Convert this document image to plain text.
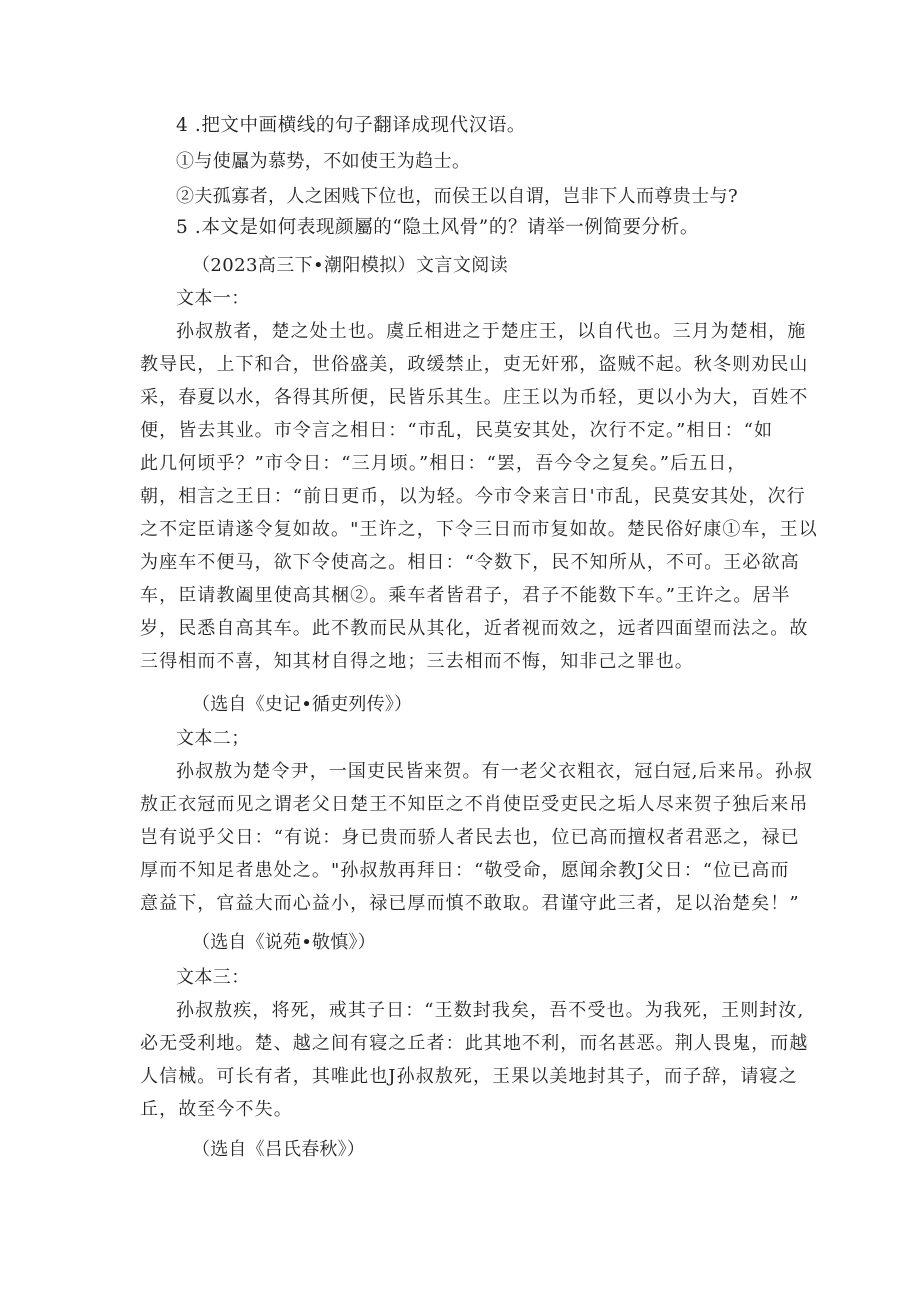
4 .把文中画横线的句子翻译成现代汉语。
①与使屭为慕势，不如使王为趋士。
②夫孤寡者，人之困贱下位也，而侯王以自谓，岂非下人而尊贵士与?
5 .本文是如何表现颜屬的“隐土风骨”的？请举一例简要分析。
（2023高三下•潮阳模拟）文言文阅读
文本一：
孙叔敖者，楚之处土也。虞丘相进之于楚庄王，以自代也。三月为楚相，施
教导民，上下和合，世俗盛美，政缓禁止，吏无奸邪，盗贼不起。秋冬则劝民山
采，春夏以水，各得其所便，民皆乐其生。庄王以为币轻，更以小为大，百姓不
便，皆去其业。市令言之相日：“市乱，民莫安其处，次行不定。”相日：“如
此几何顷乎？”市令日：“三月顷。”相日：“罢，吾今令之复矣。”后五日，
朝，相言之王日：“前日更币，以为轻。今市令来言日'市乱，民莫安其处，次行
之不定臣请遂令复如故。"王许之，下令三日而市复如故。楚民俗好康①车，王以
为座车不便马，欲下令使高之。相日：“令数下，民不知所从，不可。王必欲高
车，臣请教阖里使高其梱②。乘车者皆君子，君子不能数下车。”王许之。居半
岁，民悉自高其车。此不教而民从其化，近者视而效之，远者四面望而法之。故
三得相而不喜，知其材自得之地；三去相而不悔，知非己之罪也。
（选自《史记•循吏列传》）
文本二；
孙叔敖为楚令尹，一国吏民皆来贺。有一老父衣粗衣，冠白冠,后来吊。孙叔
敖正衣冠而见之谓老父日楚王不知臣之不肖使臣受吏民之垢人尽来贺子独后来吊
岂有说乎父日：“有说：身已贵而骄人者民去也，位已高而擅权者君恶之，禄已
厚而不知足者患处之。"孙叔敖再拜日：“敬受命，愿闻余教J父日：“位已高而
意益下，官益大而心益小，禄已厚而慎不敢取。君谨守此三者，足以治楚矣！”
（选自《说苑•敬慎》）
文本三：
孙叔敖疾，将死，戒其子日：“王数封我矣，吾不受也。为我死，王则封汝,
必无受利地。楚、越之间有寝之丘者：此其地不利，而名甚恶。荆人畏鬼，而越
人信械。可长有者，其唯此也J孙叔敖死，王果以美地封其子，而子辞，请寝之
丘，故至今不失。
（选自《吕氏春秋》）
